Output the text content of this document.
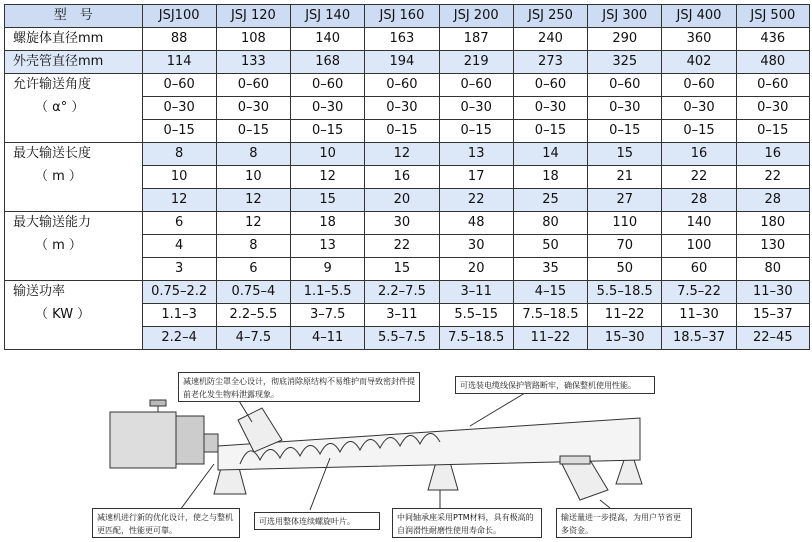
型　号	JSJ100	JSJ 120	JSJ 140	JSJ 160	JSJ 200	JSJ 250	JSJ 300	JSJ 400	JSJ 500
螺旋体直径mm	88	108	140	163	187	240	290	360	436
外壳管直径mm	114	133	168	194	219	273	325	402	480
允许输送角度	0–60	0–60	0–60	0–60	0–60	0–60	0–60	0–60	0–60
（ α° ）	0–30	0–30	0–30	0–30	0–30	0–30	0–30	0–30	0–30
	0–15	0–15	0–15	0–15	0–15	0–15	0–15	0–15	0–15
最大输送长度	8	8	10	12	13	14	15	16	16
（ m ）	10	10	12	16	17	18	21	22	22
	12	12	15	20	22	25	27	28	28
最大输送能力	6	12	18	30	48	80	110	140	180
（ m ）	4	8	13	22	30	50	70	100	130
	3	6	9	15	20	35	50	60	80
输送功率	0.75–2.2	0.75–4	1.1–5.5	2.2–7.5	3–11	4–15	5.5–18.5	7.5–22	11–30
（ KW ）	1.1–3	2.2–5.5	3–7.5	3–11	5.5–15	7.5–18.5	11–22	11–30	15–37
	2.2–4	4–7.5	4–11	5.5–7.5	7.5–18.5	11–22	15–30	18.5–37	22–45
减速机防尘罩全心设计，彻底消除原结构不易维护而导致密封件提前老化发生物料泄露现象。
可选装电缆线保护管路断牢，确保整机使用性能。
减速机进行新的优化设计，使之与整机更匹配，性能更可靠。
可选用整体连续螺旋叶片。	中间轴承座采用PTM材料，具有极高的自润滑性耐磨性使用寿命长。
输送量进一步提高，为用户节省更多资金。
